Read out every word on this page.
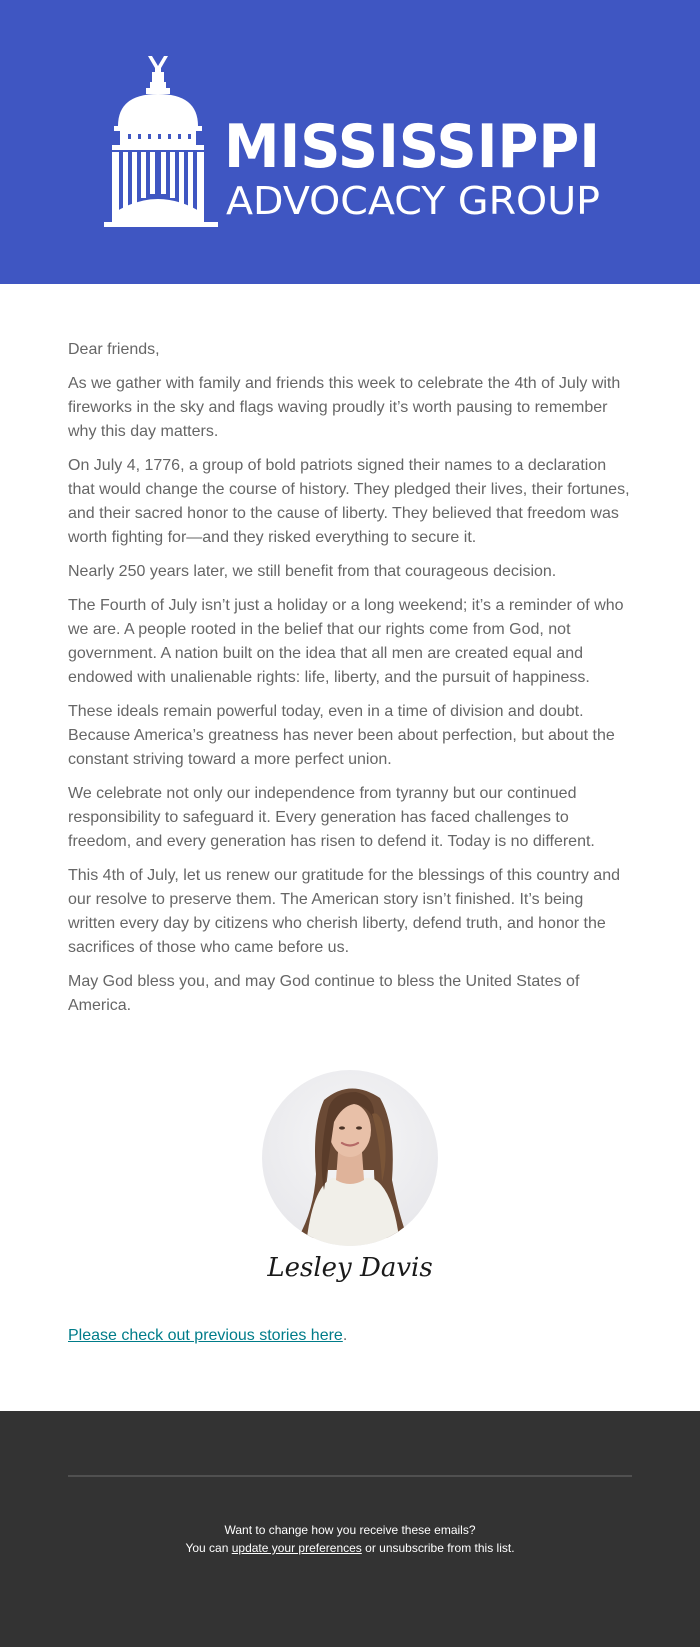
MISSISSIPPI
ADVOCACY GROUP

Dear friends,

As we gather with family and friends this week to celebrate the 4th of July with fireworks in the sky and flags waving proudly it’s worth pausing to remember why this day matters.

On July 4, 1776, a group of bold patriots signed their names to a declaration that would change the course of history. They pledged their lives, their fortunes, and their sacred honor to the cause of liberty. They believed that freedom was worth fighting for—and they risked everything to secure it.

Nearly 250 years later, we still benefit from that courageous decision.

The Fourth of July isn’t just a holiday or a long weekend; it’s a reminder of who we are. A people rooted in the belief that our rights come from God, not government. A nation built on the idea that all men are created equal and endowed with unalienable rights: life, liberty, and the pursuit of happiness.

These ideals remain powerful today, even in a time of division and doubt. Because America’s greatness has never been about perfection, but about the constant striving toward a more perfect union.

We celebrate not only our independence from tyranny but our continued responsibility to safeguard it. Every generation has faced challenges to freedom, and every generation has risen to defend it. Today is no different.

This 4th of July, let us renew our gratitude for the blessings of this country and our resolve to preserve them. The American story isn’t finished. It’s being written every day by citizens who cherish liberty, defend truth, and honor the sacrifices of those who came before us.

May God bless you, and may God continue to bless the United States of America.

Lesley Davis
Please check out previous stories here.
Want to change how you receive these emails?
You can update your preferences or unsubscribe from this list.
